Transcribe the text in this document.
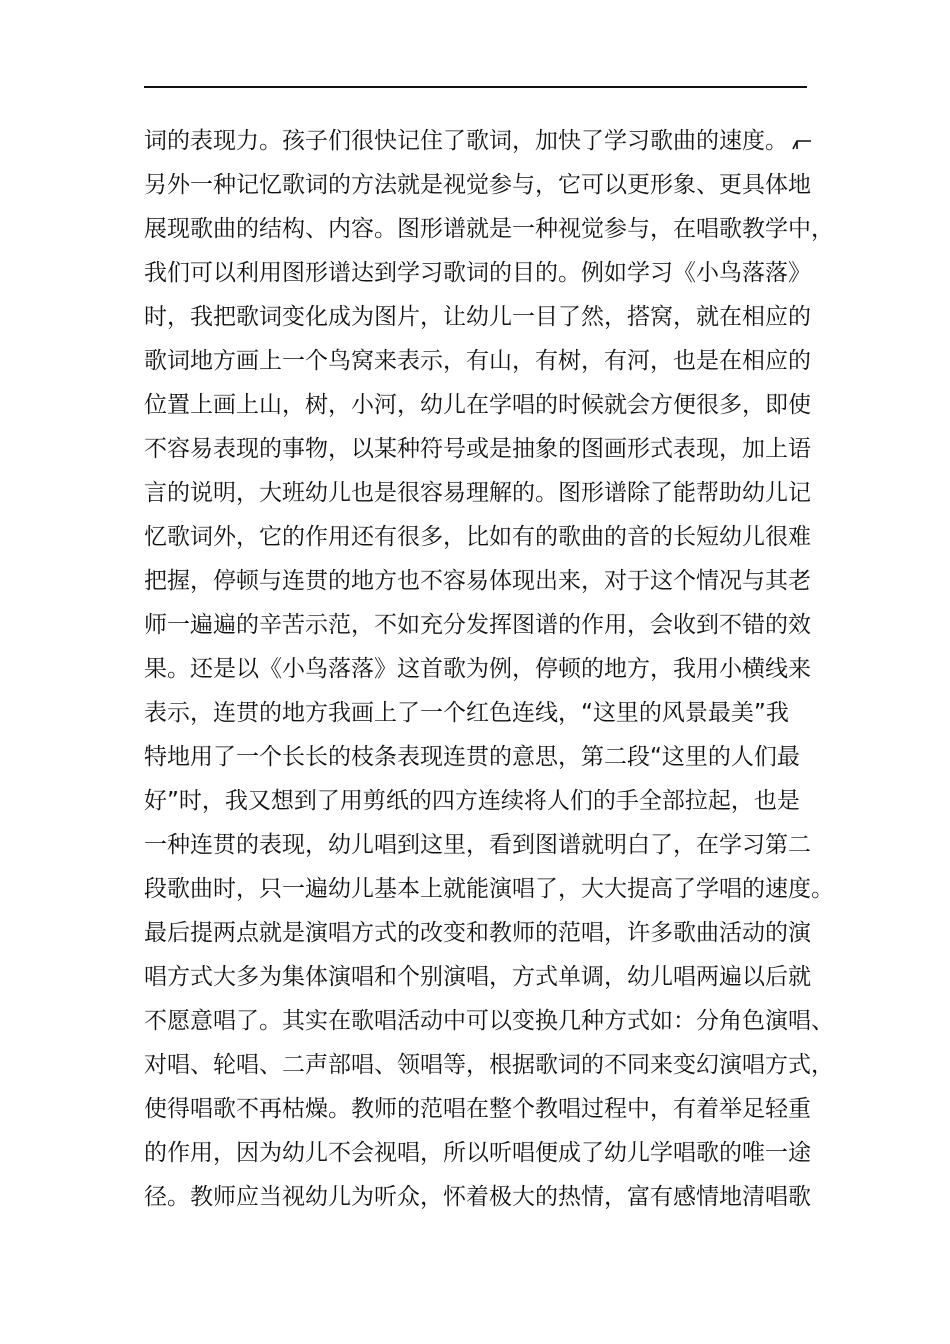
词的表现力。孩子们很快记住了歌词，加快了学习歌曲的速度。
另外一种记忆歌词的方法就是视觉参与，它可以更形象、更具体地
展现歌曲的结构、内容。图形谱就是一种视觉参与，在唱歌教学中，
我们可以利用图形谱达到学习歌词的目的。例如学习《小鸟落落》
时，我把歌词变化成为图片，让幼儿一目了然，搭窝，就在相应的
歌词地方画上一个鸟窝来表示，有山，有树，有河，也是在相应的
位置上画上山，树，小河，幼儿在学唱的时候就会方便很多，即使
不容易表现的事物，以某种符号或是抽象的图画形式表现，加上语
言的说明，大班幼儿也是很容易理解的。图形谱除了能帮助幼儿记
忆歌词外，它的作用还有很多，比如有的歌曲的音的长短幼儿很难
把握，停顿与连贯的地方也不容易体现出来，对于这个情况与其老
师一遍遍的辛苦示范，不如充分发挥图谱的作用，会收到不错的效
果。还是以《小鸟落落》这首歌为例，停顿的地方，我用小横线来
表示，连贯的地方我画上了一个红色连线，“这里的风景最美”我
特地用了一个长长的枝条表现连贯的意思，第二段“这里的人们最
好”时，我又想到了用剪纸的四方连续将人们的手全部拉起，也是
一种连贯的表现，幼儿唱到这里，看到图谱就明白了，在学习第二
段歌曲时，只一遍幼儿基本上就能演唱了，大大提高了学唱的速度。
最后提两点就是演唱方式的改变和教师的范唱，许多歌曲活动的演
唱方式大多为集体演唱和个别演唱，方式单调，幼儿唱两遍以后就
不愿意唱了。其实在歌唱活动中可以变换几种方式如：分角色演唱、
对唱、轮唱、二声部唱、领唱等，根据歌词的不同来变幻演唱方式，
使得唱歌不再枯燥。教师的范唱在整个教唱过程中，有着举足轻重
的作用，因为幼儿不会视唱，所以听唱便成了幼儿学唱歌的唯一途
径。教师应当视幼儿为听众，怀着极大的热情，富有感情地清唱歌
